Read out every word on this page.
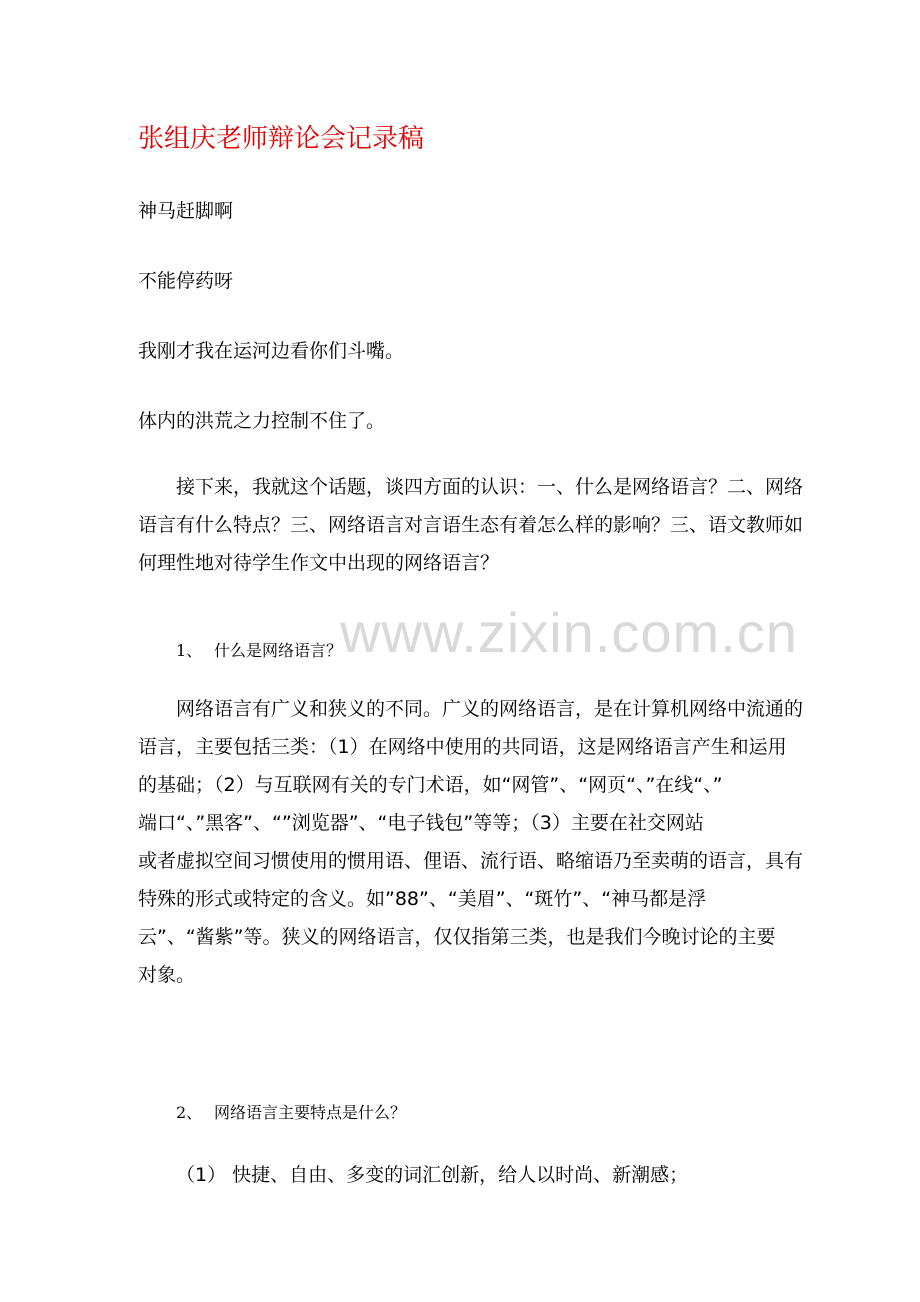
www.zixin.com.cn
张组庆老师辩论会记录稿
神马赶脚啊
不能停药呀
我刚才我在运河边看你们斗嘴。
体内的洪荒之力控制不住了。

接下来，我就这个话题，谈四方面的认识：一、什么是网络语言？二、网络

语言有什么特点？三、网络语言对言语生态有着怎么样的影响？三、语文教师如

何理性地对待学生作文中出现的网络语言？

1、 什么是网络语言？

网络语言有广义和狭义的不同。广义的网络语言，是在计算机网络中流通的

语言，主要包括三类：（1）在网络中使用的共同语，这是网络语言产生和运用

的基础；（2）与互联网有关的专门术语，如“网管”、“网页“、”在线“、”

端口“、”黑客”、“”浏览器”、“电子钱包”等等；（3）主要在社交网站

或者虚拟空间习惯使用的惯用语、俚语、流行语、略缩语乃至卖萌的语言，具有

特殊的形式或特定的含义。如”88”、“美眉”、“斑竹”、“神马都是浮

云”、“酱紫”等。狭义的网络语言，仅仅指第三类，也是我们今晚讨论的主要

对象。

2、 网络语言主要特点是什么？
（1） 快捷、自由、多变的词汇创新，给人以时尚、新潮感；
